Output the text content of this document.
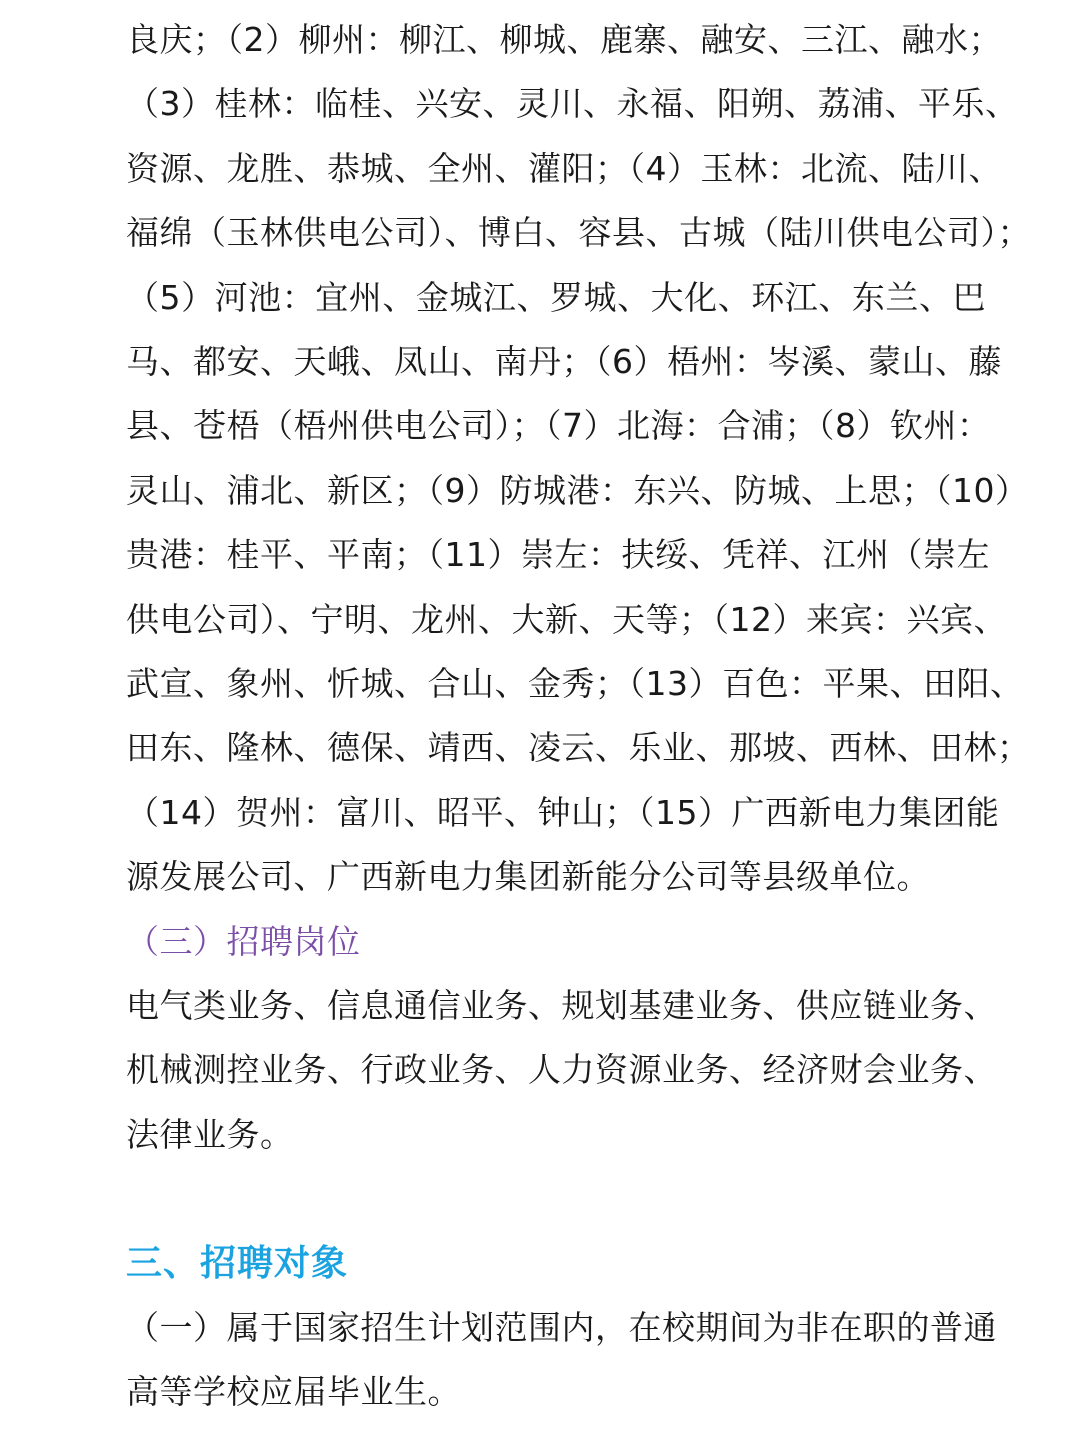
良庆；（2）柳州：柳江、柳城、鹿寨、融安、三江、融水；
（3）桂林：临桂、兴安、灵川、永福、阳朔、荔浦、平乐、
资源、龙胜、恭城、全州、灌阳；（4）玉林：北流、陆川、
福绵（玉林供电公司）、博白、容县、古城（陆川供电公司）；
（5）河池：宜州、金城江、罗城、大化、环江、东兰、巴
马、都安、天峨、凤山、南丹；（6）梧州：岑溪、蒙山、藤
县、苍梧（梧州供电公司）；（7）北海：合浦；（8）钦州：
灵山、浦北、新区；（9）防城港：东兴、防城、上思；（10）
贵港：桂平、平南；（11）崇左：扶绥、凭祥、江州（崇左
供电公司）、宁明、龙州、大新、天等；（12）来宾：兴宾、
武宣、象州、忻城、合山、金秀；（13）百色：平果、田阳、
田东、隆林、德保、靖西、凌云、乐业、那坡、西林、田林；
（14）贺州：富川、昭平、钟山；（15）广西新电力集团能
源发展公司、广西新电力集团新能分公司等县级单位。
（三）招聘岗位
电气类业务、信息通信业务、规划基建业务、供应链业务、
机械测控业务、行政业务、人力资源业务、经济财会业务、
法律业务。
三、招聘对象
（一）属于国家招生计划范围内，在校期间为非在职的普通
高等学校应届毕业生。
